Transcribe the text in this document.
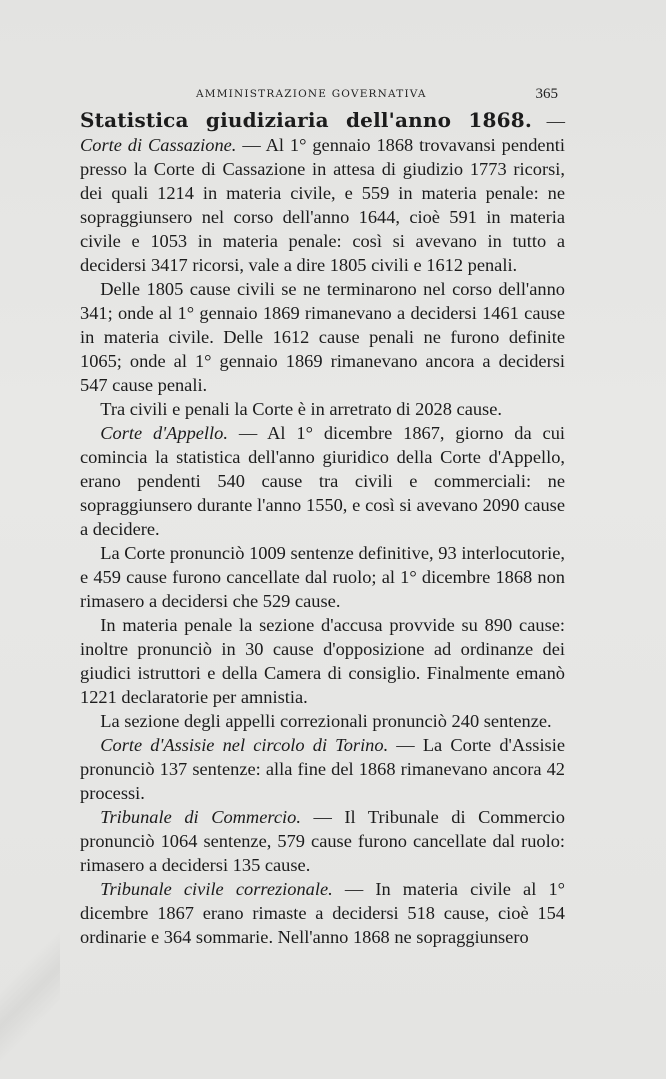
AMMINISTRAZIONE GOVERNATIVA	365

Statistica giudiziaria dell'anno 1868. — Corte di Cassazione. — Al 1° gennaio 1868 trovavansi pendenti presso la Corte di Cassazione in attesa di giudizio 1773 ricorsi, dei quali 1214 in materia civile, e 559 in materia penale: ne sopraggiunsero nel corso dell'anno 1644, cioè 591 in materia civile e 1053 in materia penale: così si avevano in tutto a decidersi 3417 ricorsi, vale a dire 1805 civili e 1612 penali.

Delle 1805 cause civili se ne terminarono nel corso dell'anno 341; onde al 1° gennaio 1869 rimanevano a decidersi 1461 cause in materia civile. Delle 1612 cause penali ne furono definite 1065; onde al 1° gennaio 1869 rimanevano ancora a decidersi 547 cause penali.

Tra civili e penali la Corte è in arretrato di 2028 cause.

Corte d'Appello. — Al 1° dicembre 1867, giorno da cui comincia la statistica dell'anno giuridico della Corte d'Appello, erano pendenti 540 cause tra civili e commerciali: ne sopraggiunsero durante l'anno 1550, e così si avevano 2090 cause a decidere.

La Corte pronunciò 1009 sentenze definitive, 93 interlocutorie, e 459 cause furono cancellate dal ruolo; al 1° dicembre 1868 non rimasero a decidersi che 529 cause.

In materia penale la sezione d'accusa provvide su 890 cause: inoltre pronunciò in 30 cause d'opposizione ad ordinanze dei giudici istruttori e della Camera di consiglio. Finalmente emanò 1221 declaratorie per amnistia.

La sezione degli appelli correzionali pronunciò 240 sentenze.

Corte d'Assisie nel circolo di Torino. — La Corte d'Assisie pronunciò 137 sentenze: alla fine del 1868 rimanevano ancora 42 processi.

Tribunale di Commercio. — Il Tribunale di Commercio pronunciò 1064 sentenze, 579 cause furono cancellate dal ruolo: rimasero a decidersi 135 cause.

Tribunale civile correzionale. — In materia civile al 1° dicembre 1867 erano rimaste a decidersi 518 cause, cioè 154 ordinarie e 364 sommarie. Nell'anno 1868 ne sopraggiunsero
